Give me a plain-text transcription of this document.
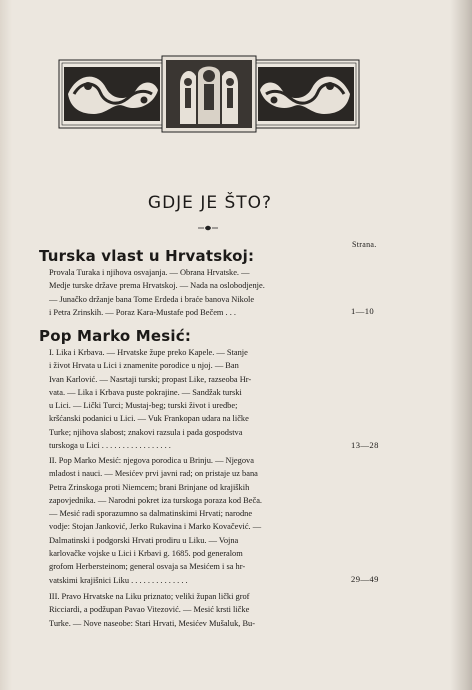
GDJE JE ŠTO?
Strana.
Turska vlast u Hrvatskoj:
Provala Turaka i njihova osvajanja. — Obrana Hrvatske. —
Medje turske države prema Hrvatskoj. — Nada na oslobodjenje.
— Junačko držanje bana Tome Erdeda i braće banova Nikole
i Petra Zrinskih. — Poraz Kara-Mustafe pod Bečem . . .	1—10
Pop Marko Mesić:
I. Lika i Krbava. — Hrvatske župe preko Kapele. — Stanje
i život Hrvata u Lici i znamenite porodice u njoj. — Ban
Ivan Karlović. — Nasrtaji turski; propast Like, razseoba Hr-
vata. — Lika i Krbava puste pokrajine. — Sandžak turski
u Lici. — Lički Turci; Mustaj-beg; turski život i uredbe;
kršćanski podanici u Lici. — Vuk Frankopan udara na ličke
Turke; njihova slabost; znakovi razsula i pada gospodstva
turskoga u Lici . . . . . . . . . . . . . . . . .	13—28
II. Pop Marko Mesić: njegova porodica u Brinju. — Njegova
mladost i nauci. — Mesićev prvi javni rad; on pristaje uz bana
Petra Zrinskoga proti Niemcem; brani Brinjane od krajiških
zapovjednika. — Narodni pokret iza turskoga poraza kod Beča.
— Mesić radi sporazumno sa dalmatinskimi Hrvati; narodne
vodje: Stojan Janković, Jerko Rukavina i Marko Kovačević. —
Dalmatinski i podgorski Hrvati prodiru u Liku. — Vojna
karlovačke vojske u Lici i Krbavi g. 1685. pod generalom
grofom Herbersteinom; general osvaja sa Mesićem i sa hr-
vatskimi krajišnici Liku . . . . . . . . . . . . . .	29—49
III. Pravo Hrvatske na Liku priznato; veliki župan lički grof
Ricciardi, a podžupan Pavao Vitezović. — Mesić krsti ličke
Turke. — Nove naseobe: Stari Hrvati, Mesićev Mušaluk, Bu-
